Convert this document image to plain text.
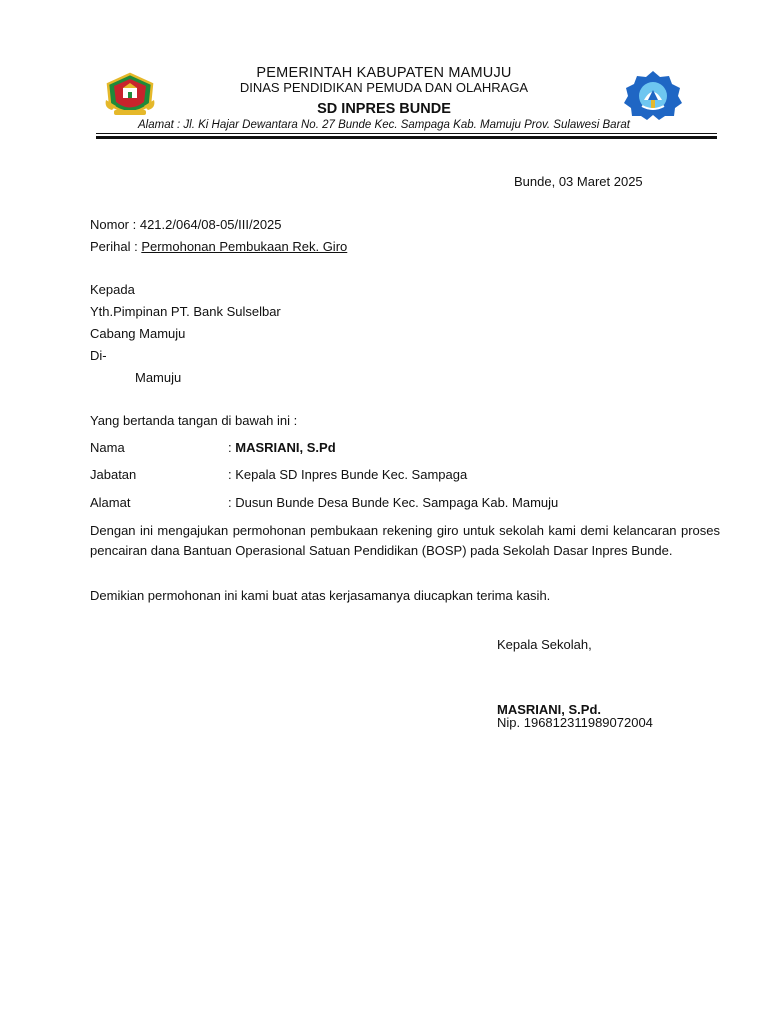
PEMERINTAH KABUPATEN MAMUJU
DINAS PENDIDIKAN PEMUDA DAN OLAHRAGA
SD INPRES BUNDE
Alamat : Jl. Ki Hajar Dewantara No. 27 Bunde Kec. Sampaga Kab. Mamuju Prov. Sulawesi Barat
Bunde, 03 Maret 2025
Nomor : 421.2/064/08-05/III/2025
Perihal : Permohonan Pembukaan Rek. Giro
Kepada
Yth.Pimpinan PT. Bank Sulselbar
Cabang Mamuju
Di-
Mamuju
Yang bertanda tangan di bawah ini :
Nama	: MASRIANI, S.Pd
Jabatan	: Kepala SD Inpres Bunde Kec. Sampaga
Alamat	: Dusun Bunde Desa Bunde Kec. Sampaga Kab. Mamuju
Dengan ini mengajukan permohonan pembukaan rekening giro untuk sekolah kami demi kelancaran proses pencairan dana Bantuan Operasional Satuan Pendidikan (BOSP) pada Sekolah Dasar Inpres Bunde.
Demikian permohonan ini kami buat atas kerjasamanya diucapkan terima kasih.
Kepala Sekolah,
MASRIANI, S.Pd.
Nip. 196812311989072004
